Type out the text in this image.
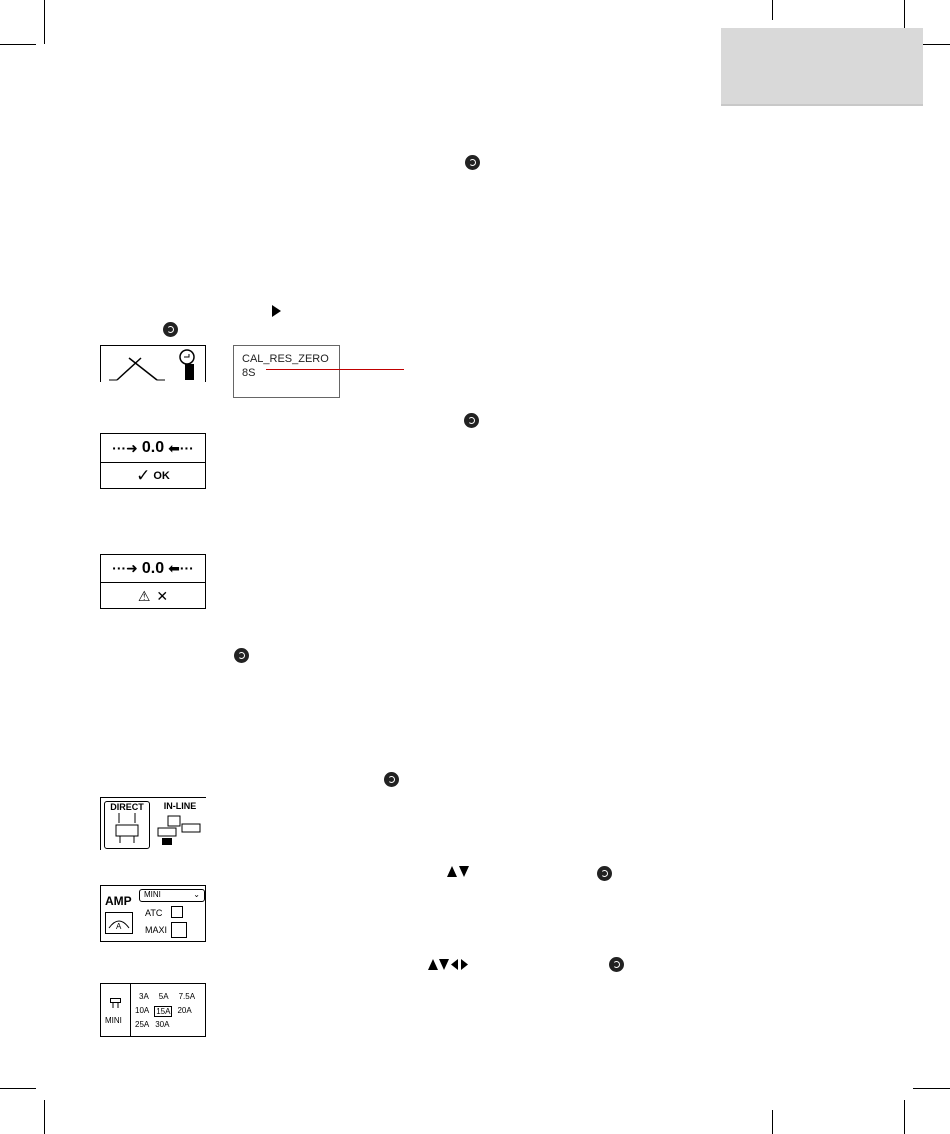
CAL_RES_ZERO
8S
···➜ 0.0 ⬅···
✓ OK
···➜ 0.0 ⬅···
⚠ ✕
DIRECT	IN-LINE
AMP
A
MINI	⌄
ATC
MAXI
MINI
3A 5A 7.5A
10A 15A 20A
25A 30A
